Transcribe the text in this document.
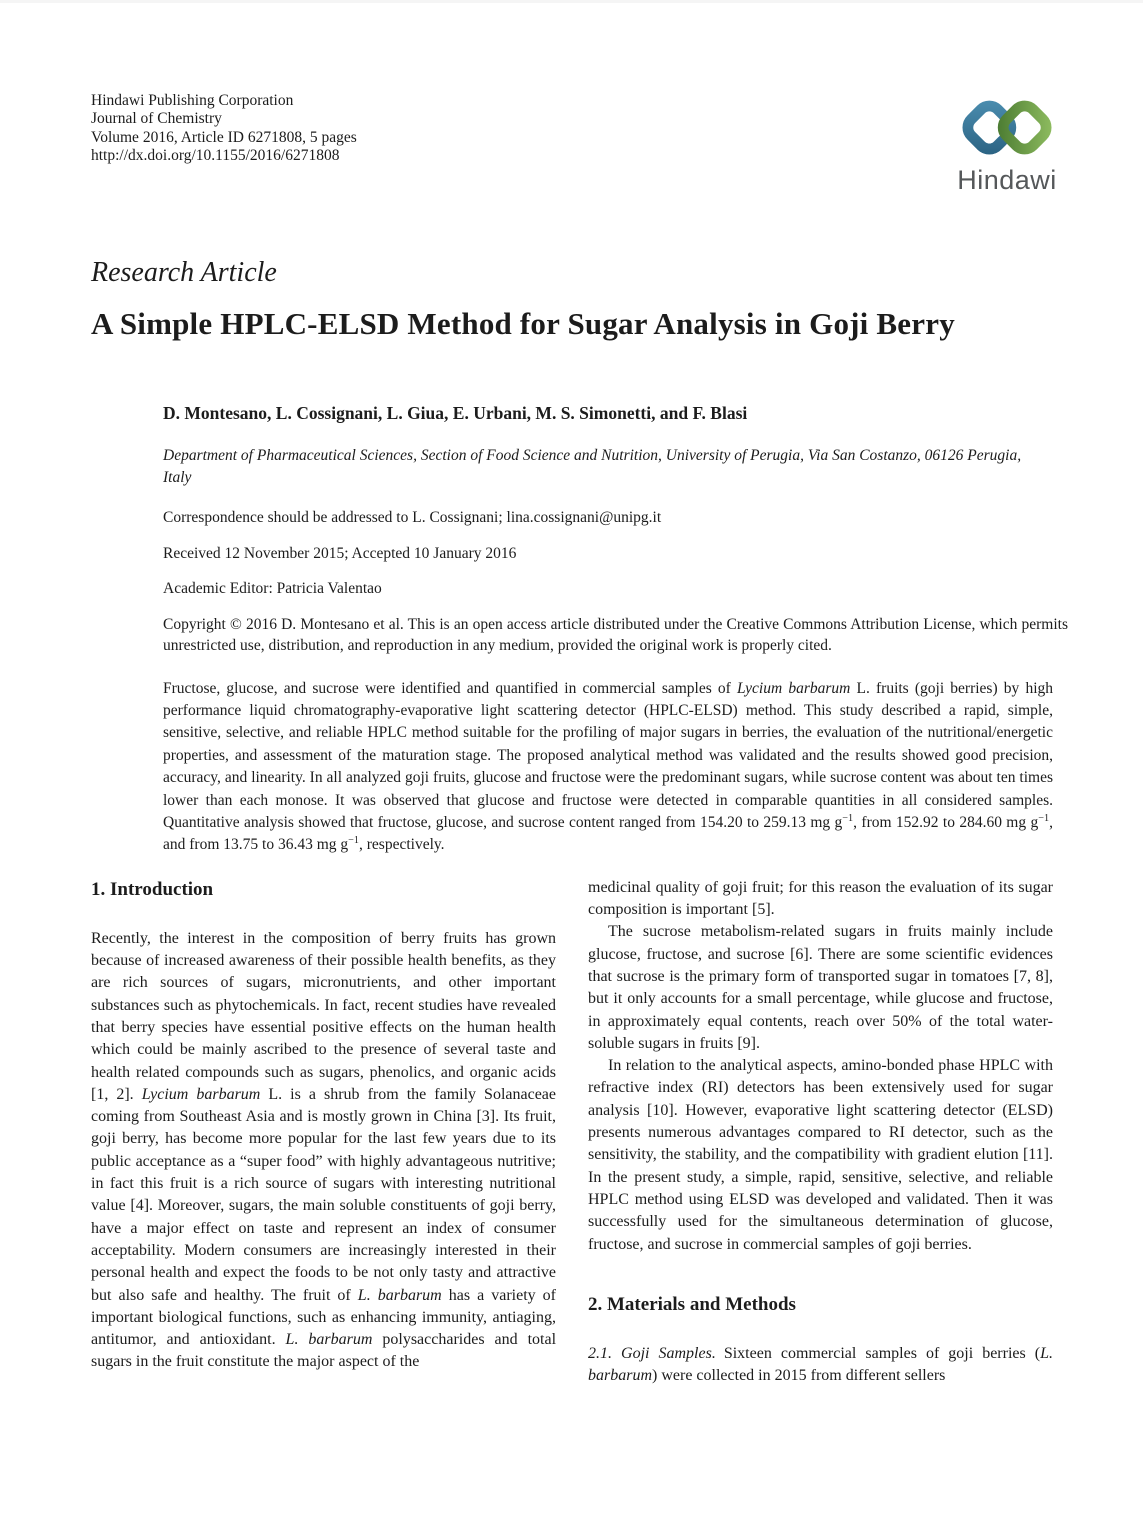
Hindawi Publishing Corporation
Journal of Chemistry
Volume 2016, Article ID 6271808, 5 pages
http://dx.doi.org/10.1155/2016/6271808
Hindawi
Research Article
A Simple HPLC-ELSD Method for Sugar Analysis in Goji Berry
D. Montesano, L. Cossignani, L. Giua, E. Urbani, M. S. Simonetti, and F. Blasi
Department of Pharmaceutical Sciences, Section of Food Science and Nutrition, University of Perugia, Via San Costanzo, 06126 Perugia, Italy
Correspondence should be addressed to L. Cossignani; lina.cossignani@unipg.it
Received 12 November 2015; Accepted 10 January 2016
Academic Editor: Patricia Valentao
Copyright © 2016 D. Montesano et al. This is an open access article distributed under the Creative Commons Attribution License, which permits unrestricted use, distribution, and reproduction in any medium, provided the original work is properly cited.
Fructose, glucose, and sucrose were identified and quantified in commercial samples of Lycium barbarum L. fruits (goji berries) by high performance liquid chromatography-evaporative light scattering detector (HPLC-ELSD) method. This study described a rapid, simple, sensitive, selective, and reliable HPLC method suitable for the profiling of major sugars in berries, the evaluation of the nutritional/energetic properties, and assessment of the maturation stage. The proposed analytical method was validated and the results showed good precision, accuracy, and linearity. In all analyzed goji fruits, glucose and fructose were the predominant sugars, while sucrose content was about ten times lower than each monose. It was observed that glucose and fructose were detected in comparable quantities in all considered samples. Quantitative analysis showed that fructose, glucose, and sucrose content ranged from 154.20 to 259.13 mg $g^{-1}$, from 152.92 to 284.60 mg $g^{-1}$, and from 13.75 to 36.43 mg $g^{-1}$, respectively.
1. Introduction

Recently, the interest in the composition of berry fruits has grown because of increased awareness of their possible health benefits, as they are rich sources of sugars, micronutrients, and other important substances such as phytochemicals. In fact, recent studies have revealed that berry species have essential positive effects on the human health which could be mainly ascribed to the presence of several taste and health related compounds such as sugars, phenolics, and organic acids [1, 2]. Lycium barbarum L. is a shrub from the family Solanaceae coming from Southeast Asia and is mostly grown in China [3]. Its fruit, goji berry, has become more popular for the last few years due to its public acceptance as a “super food” with highly advantageous nutritive; in fact this fruit is a rich source of sugars with interesting nutritional value [4]. Moreover, sugars, the main soluble constituents of goji berry, have a major effect on taste and represent an index of consumer acceptability. Modern consumers are increasingly interested in their personal health and expect the foods to be not only tasty and attractive but also safe and healthy. The fruit of L. barbarum has a variety of important biological functions, such as enhancing immunity, antiaging, antitumor, and antioxidant. L. barbarum polysaccharides and total sugars in the fruit constitute the major aspect of the

medicinal quality of goji fruit; for this reason the evaluation of its sugar composition is important [5].

The sucrose metabolism-related sugars in fruits mainly include glucose, fructose, and sucrose [6]. There are some scientific evidences that sucrose is the primary form of transported sugar in tomatoes [7, 8], but it only accounts for a small percentage, while glucose and fructose, in approximately equal contents, reach over 50% of the total water-soluble sugars in fruits [9].

In relation to the analytical aspects, amino-bonded phase HPLC with refractive index (RI) detectors has been extensively used for sugar analysis [10]. However, evaporative light scattering detector (ELSD) presents numerous advantages compared to RI detector, such as the sensitivity, the stability, and the compatibility with gradient elution [11]. In the present study, a simple, rapid, sensitive, selective, and reliable HPLC method using ELSD was developed and validated. Then it was successfully used for the simultaneous determination of glucose, fructose, and sucrose in commercial samples of goji berries.

2. Materials and Methods

2.1. Goji Samples. Sixteen commercial samples of goji berries (L. barbarum) were collected in 2015 from different sellers
